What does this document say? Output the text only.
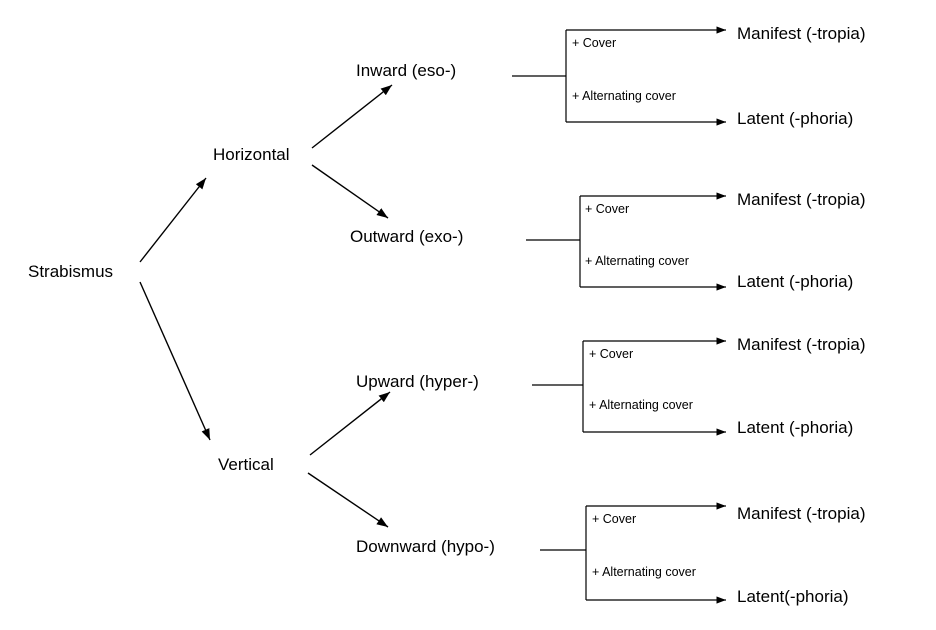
Strabismus
Horizontal
Vertical
Inward (eso-)
Outward (exo-)
Upward (hyper-)
Downward (hypo-)
Manifest (-tropia)
Latent (-phoria)
Manifest (-tropia)
Latent (-phoria)
Manifest (-tropia)
Latent (-phoria)
Manifest (-tropia)
Latent(-phoria)
+ Cover
+ Alternating cover
+ Cover
+ Alternating cover
+ Cover
+ Alternating cover
+ Cover
+ Alternating cover
